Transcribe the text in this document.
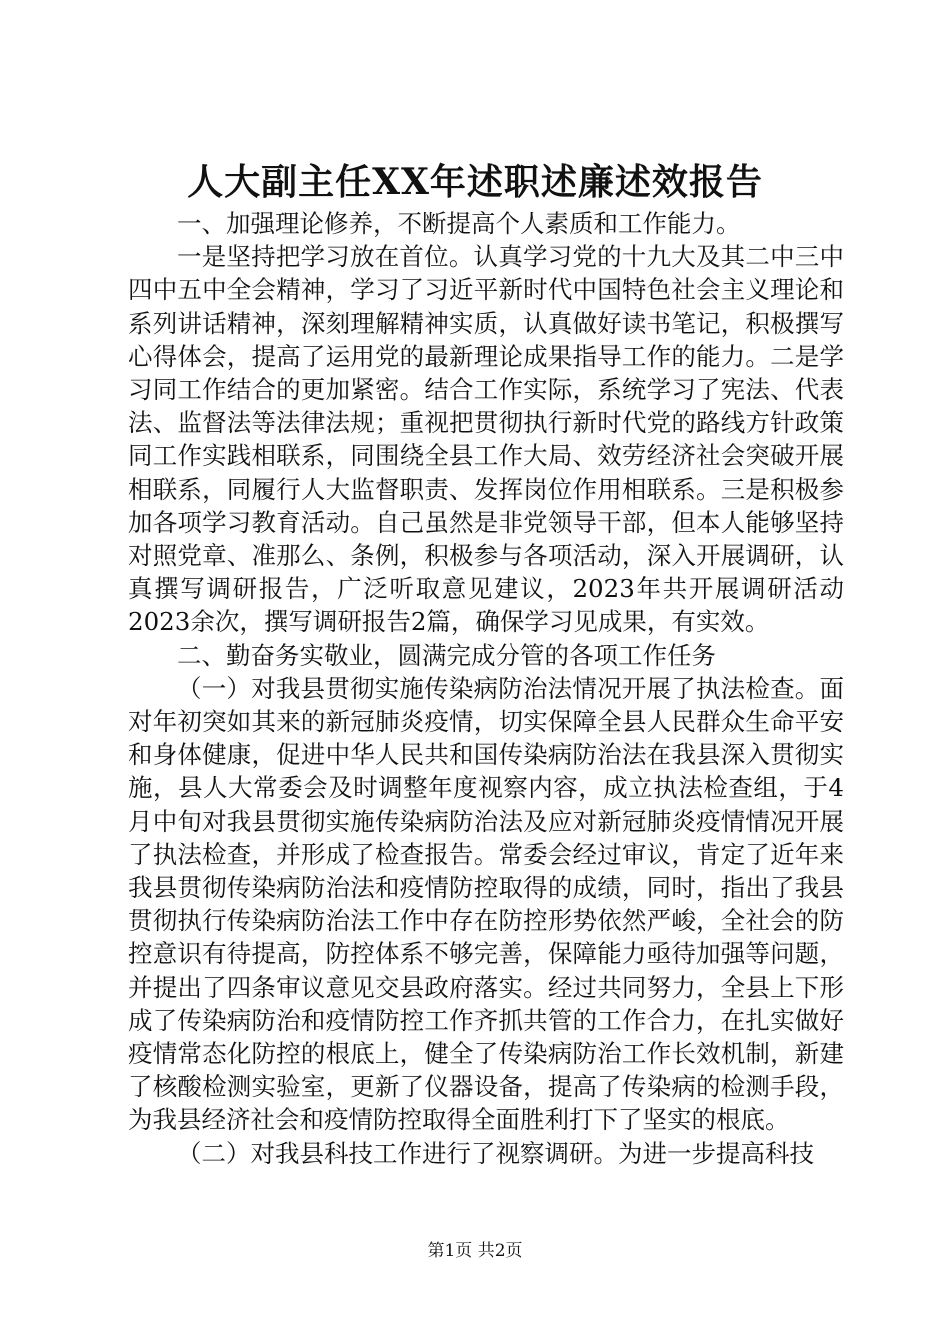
人大副主任XX年述职述廉述效报告

一、加强理论修养，不断提高个人素质和工作能力。

一是坚持把学习放在首位。认真学习党的十九大及其二中三中四中五中全会精神，学习了习近平新时代中国特色社会主义理论和系列讲话精神，深刻理解精神实质，认真做好读书笔记，积极撰写心得体会，提高了运用党的最新理论成果指导工作的能力。二是学习同工作结合的更加紧密。结合工作实际，系统学习了宪法、代表法、监督法等法律法规；重视把贯彻执行新时代党的路线方针政策同工作实践相联系，同围绕全县工作大局、效劳经济社会突破开展相联系，同履行人大监督职责、发挥岗位作用相联系。三是积极参加各项学习教育活动。自己虽然是非党领导干部，但本人能够坚持对照党章、准那么、条例，积极参与各项活动，深入开展调研，认真撰写调研报告，广泛听取意见建议，2023年共开展调研活动2023余次，撰写调研报告2篇，确保学习见成果，有实效。

二、勤奋务实敬业，圆满完成分管的各项工作任务

（一）对我县贯彻实施传染病防治法情况开展了执法检查。面对年初突如其来的新冠肺炎疫情，切实保障全县人民群众生命平安和身体健康，促进中华人民共和国传染病防治法在我县深入贯彻实施，县人大常委会及时调整年度视察内容，成立执法检查组，于4月中旬对我县贯彻实施传染病防治法及应对新冠肺炎疫情情况开展了执法检查，并形成了检查报告。常委会经过审议，肯定了近年来我县贯彻传染病防治法和疫情防控取得的成绩，同时，指出了我县贯彻执行传染病防治法工作中存在防控形势依然严峻，全社会的防控意识有待提高，防控体系不够完善，保障能力亟待加强等问题，并提出了四条审议意见交县政府落实。经过共同努力，全县上下形成了传染病防治和疫情防控工作齐抓共管的工作合力，在扎实做好疫情常态化防控的根底上，健全了传染病防治工作长效机制，新建了核酸检测实验室，更新了仪器设备，提高了传染病的检测手段，为我县经济社会和疫情防控取得全面胜利打下了坚实的根底。

（二）对我县科技工作进行了视察调研。为进一步提高科技

第1页 共2页
